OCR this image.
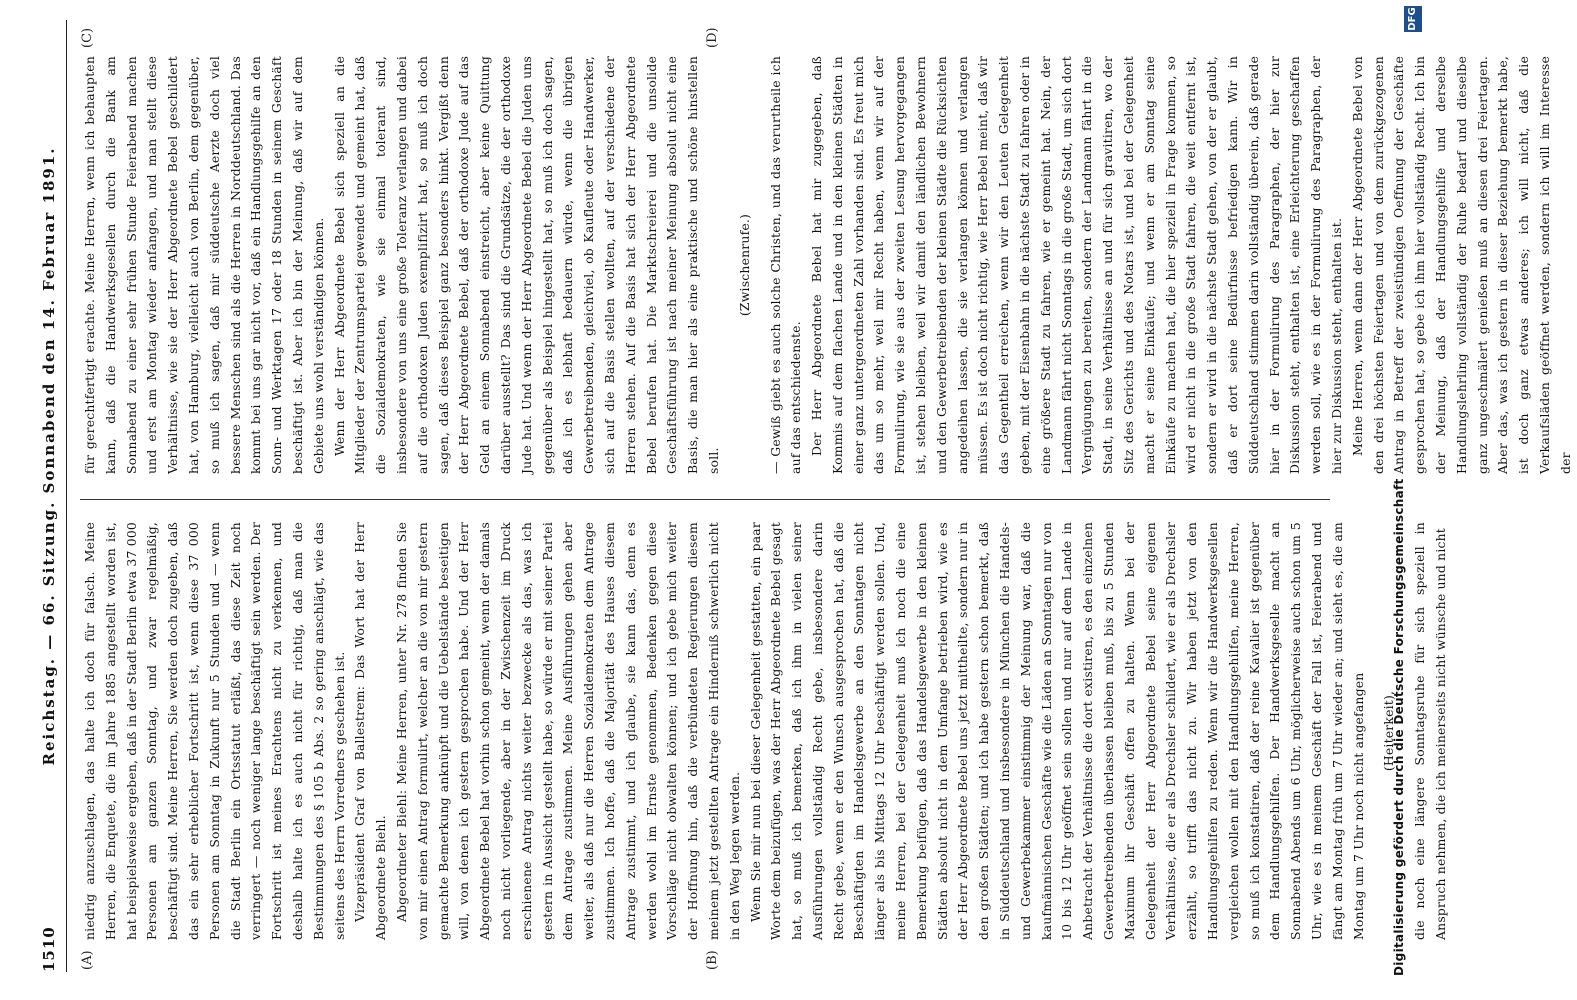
1510
Reichstag. — 66. Sitzung. Sonnabend den 14. Februar 1891.
(A)	(B)
(C)	(D)

niedrig anzuschlagen, das halte ich doch für falsch. Meine Herren, die Enquete, die im Jahre 1885 angestellt worden ist, hat beispielsweise ergeben, daß in der Stadt Berlin etwa 37 000 Personen am ganzen Sonntag, und zwar regelmäßig, beschäftigt sind. Meine Herren, Sie werden doch zugeben, daß das ein sehr erheblicher Fortschritt ist, wenn diese 37 000 Personen am Sonntag in Zukunft nur 5 Stunden und — wenn die Stadt Berlin ein Ortsstatut erläßt, das diese Zeit noch verringert — noch weniger lange beschäftigt sein werden. Der Fortschritt ist meines Erachtens nicht zu verkennen, und deshalb halte ich es auch nicht für richtig, daß man die Bestimmungen des § 105 b Abs. 2 so gering anschlägt, wie das seitens des Herrn Vorredners geschehen ist. Vizepräsident Graf von Ballestrem: Das Wort hat der Herr Abgeordnete Biehl. Abgeordneter Biehl: Meine Herren, unter Nr. 278 finden Sie von mir einen Antrag formulirt, welcher an die von mir gestern gemachte Bemerkung anknüpft und die Uebelstände beseitigen will, von denen ich gestern gesprochen habe. Und der Herr Abgeordnete Bebel hat vorhin schon gemeint, wenn der damals noch nicht vorliegende, aber in der Zwischenzeit im Druck erschienene Antrag nichts weiter bezwecke als das, was ich gestern in Aussicht gestellt habe, so würde er mit seiner Partei dem Antrage zustimmen. Meine Ausführungen gehen aber weiter, als daß nur die Herren Sozialdemokraten dem Antrage zustimmen. Ich hoffe, daß die Majorität des Hauses diesem Antrage zustimmt, und ich glaube, sie kann das, denn es werden wohl im Ernste genommen, Bedenken gegen diese Vorschläge nicht obwalten können; und ich gebe mich weiter der Hoffnung hin, daß die verbündeten Regierungen diesem meinem jetzt gestellten Antrage ein Hinderniß schwerlich nicht in den Weg legen werden. Wenn Sie mir nun bei dieser Gelegenheit gestatten, ein paar Worte dem beizufügen, was der Herr Abgeordnete Bebel gesagt hat, so muß ich bemerken, daß ich ihm in vielen seiner Ausführungen vollständig Recht gebe, insbesondere darin Recht gebe, wenn er den Wunsch ausgesprochen hat, daß die Beschäftigten im Handelsgewerbe an den Sonntagen nicht länger als bis Mittags 12 Uhr beschäftigt werden sollen. Und, meine Herren, bei der Gelegenheit muß ich noch die eine Bemerkung beifügen, daß das Handelsgewerbe in den kleinen Städten absolut nicht in dem Umfange betrieben wird, wie es der Herr Abgeordnete Bebel uns jetzt mittheilte, sondern nur in den großen Städten; und ich habe gestern schon bemerkt, daß in Süddeutschland und insbesondere in München die Handels- und Gewerbekammer einstimmig der Meinung war, daß die kaufmännischen Geschäfte wie die Läden an Sonntagen nur von 10 bis 12 Uhr geöffnet sein sollen und nur auf dem Lande in Anbetracht der Verhältnisse die dort existiren, es den einzelnen Gewerbetreibenden überlassen bleiben muß, bis zu 5 Stunden Maximum ihr Geschäft offen zu halten. Wenn bei der Gelegenheit der Herr Abgeordnete Bebel seine eigenen Verhältnisse, die er als Drechsler schildert, wie er als Drechsler erzählt, so trifft das nicht zu. Wir haben jetzt von den Handlungsgehilfen zu reden. Wenn wir die Handwerksgesellen vergleichen wollen mit den Handlungsgehilfen, meine Herren, so muß ich konstatiren, daß der reine Kavalier ist gegenüber dem Handlungsgehilfen. Der Handwerksgeselle macht an Sonnabend Abends um 6 Uhr, möglicherweise auch schon um 5 Uhr, wie es in meinem Geschäft der Fall ist, Feierabend und fängt am Montag früh um 7 Uhr wieder an; und sieht es, die am Montag um 7 Uhr noch nicht angefangen	(Heiterkeit),	die noch eine längere Sonntagsruhe für sich speziell in Anspruch nehmen, die ich meinerseits nicht wünsche und nicht

für gerechtfertigt erachte. Meine Herren, wenn ich behaupten kann, daß die Handwerksgesellen durch die Bank am Sonnabend zu einer sehr frühen Stunde Feierabend machen und erst am Montag wieder anfangen, und man stellt diese Verhältnisse, wie sie der Herr Abgeordnete Bebel geschildert hat, von Hamburg, vielleicht auch von Berlin, dem gegenüber, so muß ich sagen, daß mir süddeutsche Aerzte doch viel bessere Menschen sind als die Herren in Norddeutschland. Das kommt bei uns gar nicht vor, daß ein Handlungsgehilfe an den Sonn- und Werktagen 17 oder 18 Stunden in seinem Geschäft beschäftigt ist. Aber ich bin der Meinung, daß wir auf dem Gebiete uns wohl verständigen können. Wenn der Herr Abgeordnete Bebel sich speziell an die Mitglieder der Zentrumspartei gewendet und gemeint hat, daß die Sozialdemokraten, wie sie einmal tolerant sind, insbesondere von uns eine große Toleranz verlangen und dabei auf die orthodoxen Juden exemplifizirt hat, so muß ich doch sagen, daß dieses Beispiel ganz besonders hinkt. Vergißt denn der Herr Abgeordnete Bebel, daß der orthodoxe Jude auf das Geld an einem Sonnabend einstreicht, aber keine Quittung darüber ausstellt? Das sind die Grundsätze, die der orthodoxe Jude hat. Und wenn der Herr Abgeordnete Bebel die Juden uns gegenüber als Beispiel hingestellt hat, so muß ich doch sagen, daß ich es lebhaft bedauern würde, wenn die übrigen Gewerbetreibenden, gleichviel, ob Kaufleute oder Handwerker, sich auf die Basis stellen wollten, auf der verschiedene der Herren stehen. Auf die Basis hat sich der Herr Abgeordnete Bebel berufen hat. Die Marktschreierei und die unsolide Geschäftsführung ist nach meiner Meinung absolut nicht eine Basis, die man hier als eine praktische und schöne hinstellen soll.

(Zwischenrufe.)	— Gewiß giebt es auch solche Christen, und das verurtheile ich auf das entschiedenste. Der Herr Abgeordnete Bebel hat mir zugegeben, daß Kommis auf dem flachen Lande und in den kleinen Städten in einer ganz untergeordneten Zahl vorhanden sind. Es freut mich das um so mehr, weil mir Recht haben, wenn wir auf der Formulirung, wie sie aus der zweiten Lesung hervorgegangen ist, stehen bleiben, weil wir damit den ländlichen Bewohnern und den Gewerbetreibenden der kleinen Städte die Rücksichten angedeihen lassen, die sie verlangen können und verlangen müssen. Es ist doch nicht richtig, wie Herr Bebel meint, daß wir das Gegentheil erreichen, wenn wir den Leuten Gelegenheit geben, mit der Eisenbahn in die nächste Stadt zu fahren oder in eine größere Stadt zu fahren, wie er gemeint hat. Nein, der Landmann fährt nicht Sonntags in die große Stadt, um sich dort Vergnügungen zu bereiten, sondern der Landmann fährt in die Stadt, in seine Verhältnisse an und für sich gravitiren, wo der Sitz des Gerichts und des Notars ist, und bei der Gelegenheit macht er seine Einkäufe; und wenn er am Sonntag seine Einkäufe zu machen hat, die hier speziell in Frage kommen, so wird er nicht in die große Stadt fahren, die weit entfernt ist, sondern er wird in die nächste Stadt gehen, von der er glaubt, daß er dort seine Bedürfnisse befriedigen kann. Wir in Süddeutschland stimmen darin vollständig überein, daß gerade hier in der Formulirung des Paragraphen, der hier zur Diskussion steht, enthalten ist, eine Erleichterung geschaffen werden soll, wie es in der Formulirung des Paragraphen, der hier zur Diskussion steht, enthalten ist. Meine Herren, wenn dann der Herr Abgeordnete Bebel von den drei höchsten Feiertagen und von dem zurückgezogenen Antrag in Betreff der zweistündigen Oeffnung der Geschäfte gesprochen hat, so gebe ich ihm hier vollständig Recht. Ich bin der Meinung, daß der Handlungsgehilfe und derselbe Handlungslehrling vollständig der Ruhe bedarf und dieselbe ganz ungeschmälert genießen muß an diesen drei Feiertagen. Aber das, was ich gestern in dieser Beziehung bemerkt habe, ist doch ganz etwas anderes; ich will nicht, daß die Verkaufsläden geöffnet werden, sondern ich will im Interesse der

Digitalisierung gefördert durch die Deutsche Forschungsgemeinschaft
DFG
